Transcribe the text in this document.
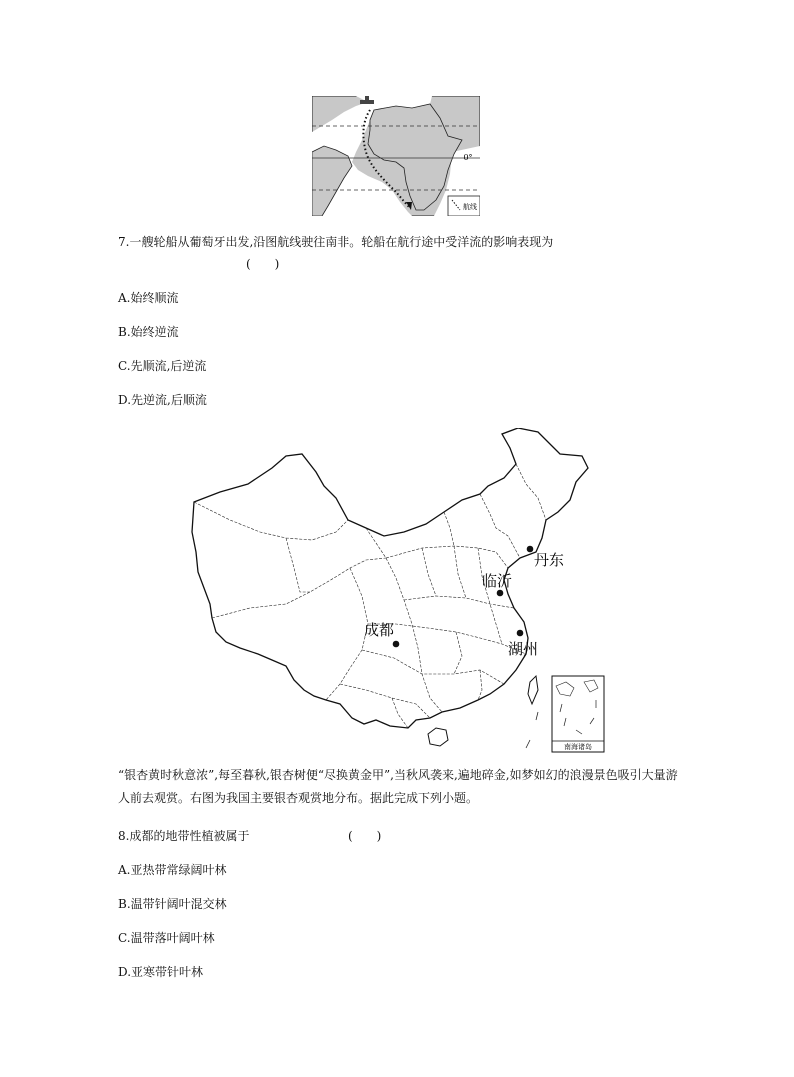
0°
航线
7.一艘轮船从葡萄牙出发,沿图航线驶往南非。轮船在航行途中受洋流的影响表现为
(　　)
A.始终顺流
B.始终逆流
C.先顺流,后逆流
D.先逆流,后顺流
丹东
临沂
成都
湖州
南海诸岛
“银杏黄时秋意浓”,每至暮秋,银杏树便“尽换黄金甲”,当秋风袭来,遍地碎金,如梦如幻的浪漫景色吸引大量游人前去观赏。右图为我国主要银杏观赏地分布。据此完成下列小题。
8.成都的地带性植被属于	(　　)
A.亚热带常绿阔叶林
B.温带针阔叶混交林
C.温带落叶阔叶林
D.亚寒带针叶林
